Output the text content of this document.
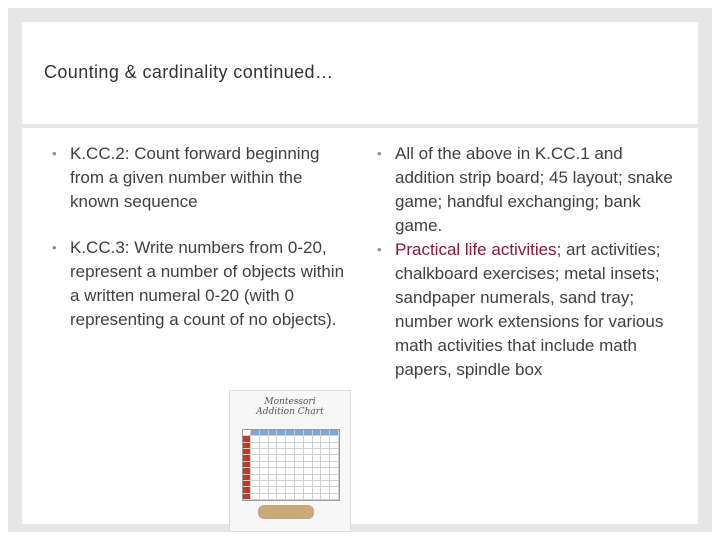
Counting & cardinality continued…
• K.CC.2: Count forward beginning from a given number within the known sequence
• K.CC.3: Write numbers from 0-20, represent a number of objects within a written numeral 0-20 (with 0 representing a count of no objects).
• All of the above in K.CC.1 and addition strip board; 45 layout; snake game; handful exchanging; bank game.
• Practical life activities; art activities; chalkboard exercises; metal insets; sandpaper numerals, sand tray; number work extensions for various math activities that include math papers, spindle box
Montessori
Addition Chart
